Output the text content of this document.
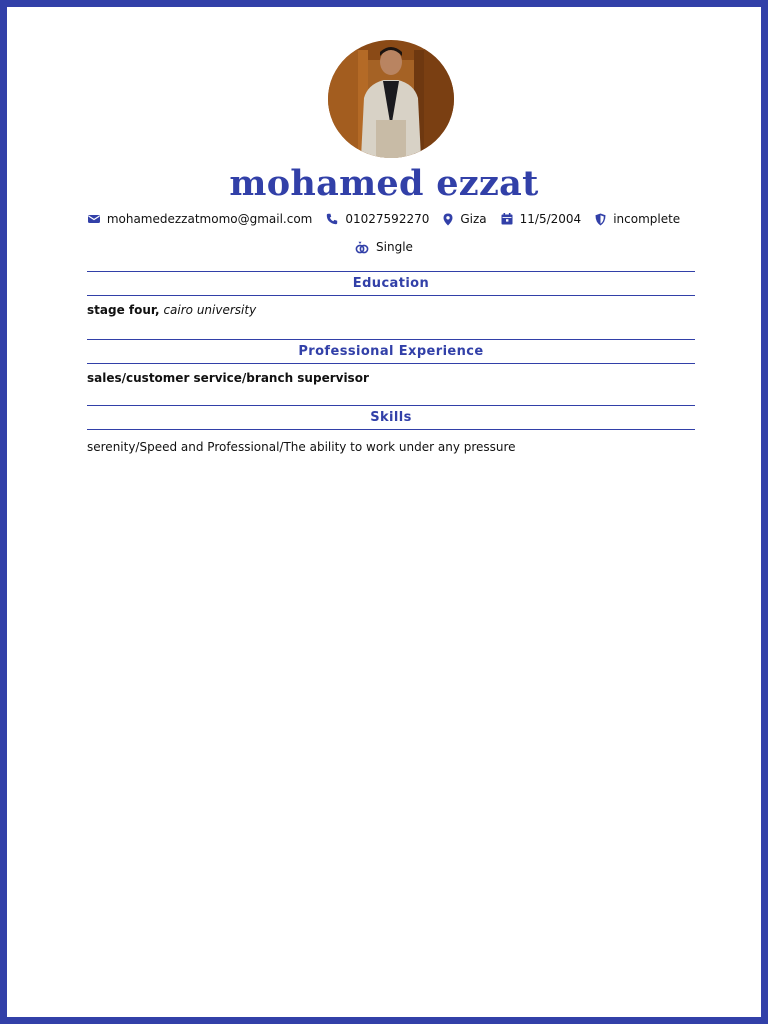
mohamed ezzat
mohamedezzatmomo@gmail.com	01027592270	Giza	11/5/2004	incomplete
Single
Education
stage four, cairo university
Professional Experience
sales/customer service/branch supervisor
Skills
serenity/Speed and Professional/The ability to work under any pressure
